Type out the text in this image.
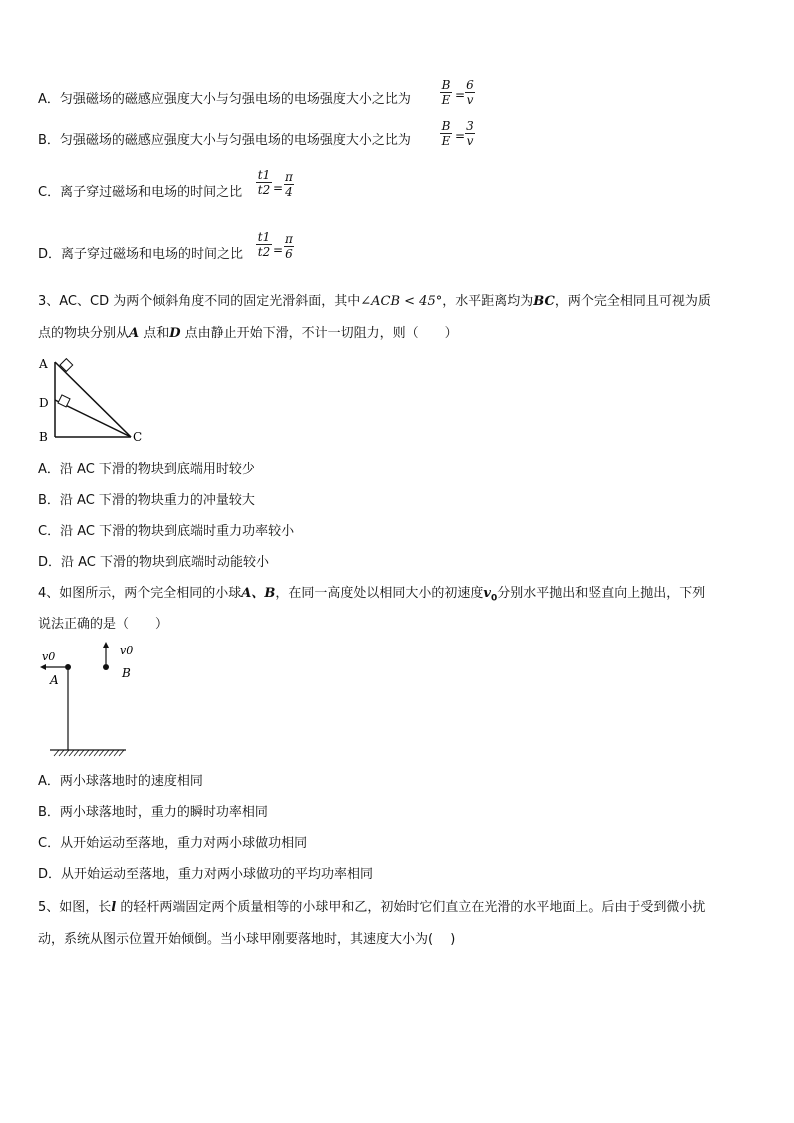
A．匀强磁场的磁感应强度大小与匀强电场的电场强度大小之比为
B
E =
6
v
B．匀强磁场的磁感应强度大小与匀强电场的电场强度大小之比为
B
E =
3
v
C．离子穿过磁场和电场的时间之比
t1
t2 =
π
4
D．离子穿过磁场和电场的时间之比
t1
t2 =
π
6
3、AC、CD 为两个倾斜角度不同的固定光滑斜面，其中∠ACB < 45°，水平距离均为BC，两个完全相同且可视为质
点的物块分别从A 点和D 点由静止开始下滑，不计一切阻力，则（　　）
A
D
B	C
A．沿 AC 下滑的物块到底端用时较少
B．沿 AC 下滑的物块重力的冲量较大
C．沿 AC 下滑的物块到底端时重力功率较小
D．沿 AC 下滑的物块到底端时动能较小
4、如图所示，两个完全相同的小球A、B，在同一高度处以相同大小的初速度$v_0$分别水平抛出和竖直向上抛出，下列
说法正确的是（　　）
v0	v0
A	B
A．两小球落地时的速度相同
B．两小球落地时，重力的瞬时功率相同
C．从开始运动至落地，重力对两小球做功相同
D．从开始运动至落地，重力对两小球做功的平均功率相同
5、如图，长l 的轻杆两端固定两个质量相等的小球甲和乙，初始时它们直立在光滑的水平地面上。后由于受到微小扰
动，系统从图示位置开始倾倒。当小球甲刚要落地时，其速度大小为(　 )
